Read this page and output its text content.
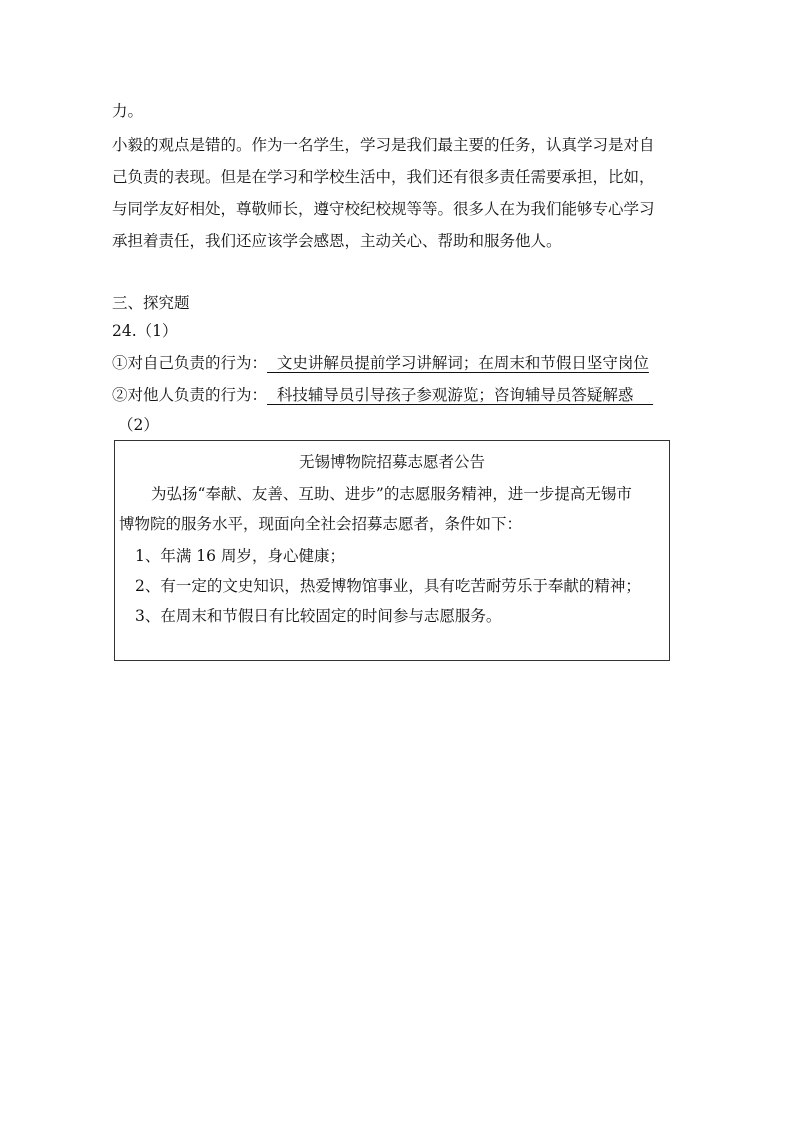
力。
小毅的观点是错的。作为一名学生，学习是我们最主要的任务，认真学习是对自
己负责的表现。但是在学习和学校生活中，我们还有很多责任需要承担，比如，
与同学友好相处，尊敬师长，遵守校纪校规等等。很多人在为我们能够专心学习
承担着责任，我们还应该学会感恩，主动关心、帮助和服务他人。
三、探究题
24.（1）
①对自己负责的行为：  文史讲解员提前学习讲解词；在周末和节假日坚守岗位
②对他人负责的行为：  科技辅导员引导孩子参观游览；咨询辅导员答疑解惑
（2）
无锡博物院招募志愿者公告
为弘扬“奉献、友善、互助、进步”的志愿服务精神，进一步提高无锡市
博物院的服务水平，现面向全社会招募志愿者，条件如下：
1、年满 16 周岁，身心健康；
2、有一定的文史知识，热爱博物馆事业，具有吃苦耐劳乐于奉献的精神；
3、在周末和节假日有比较固定的时间参与志愿服务。
